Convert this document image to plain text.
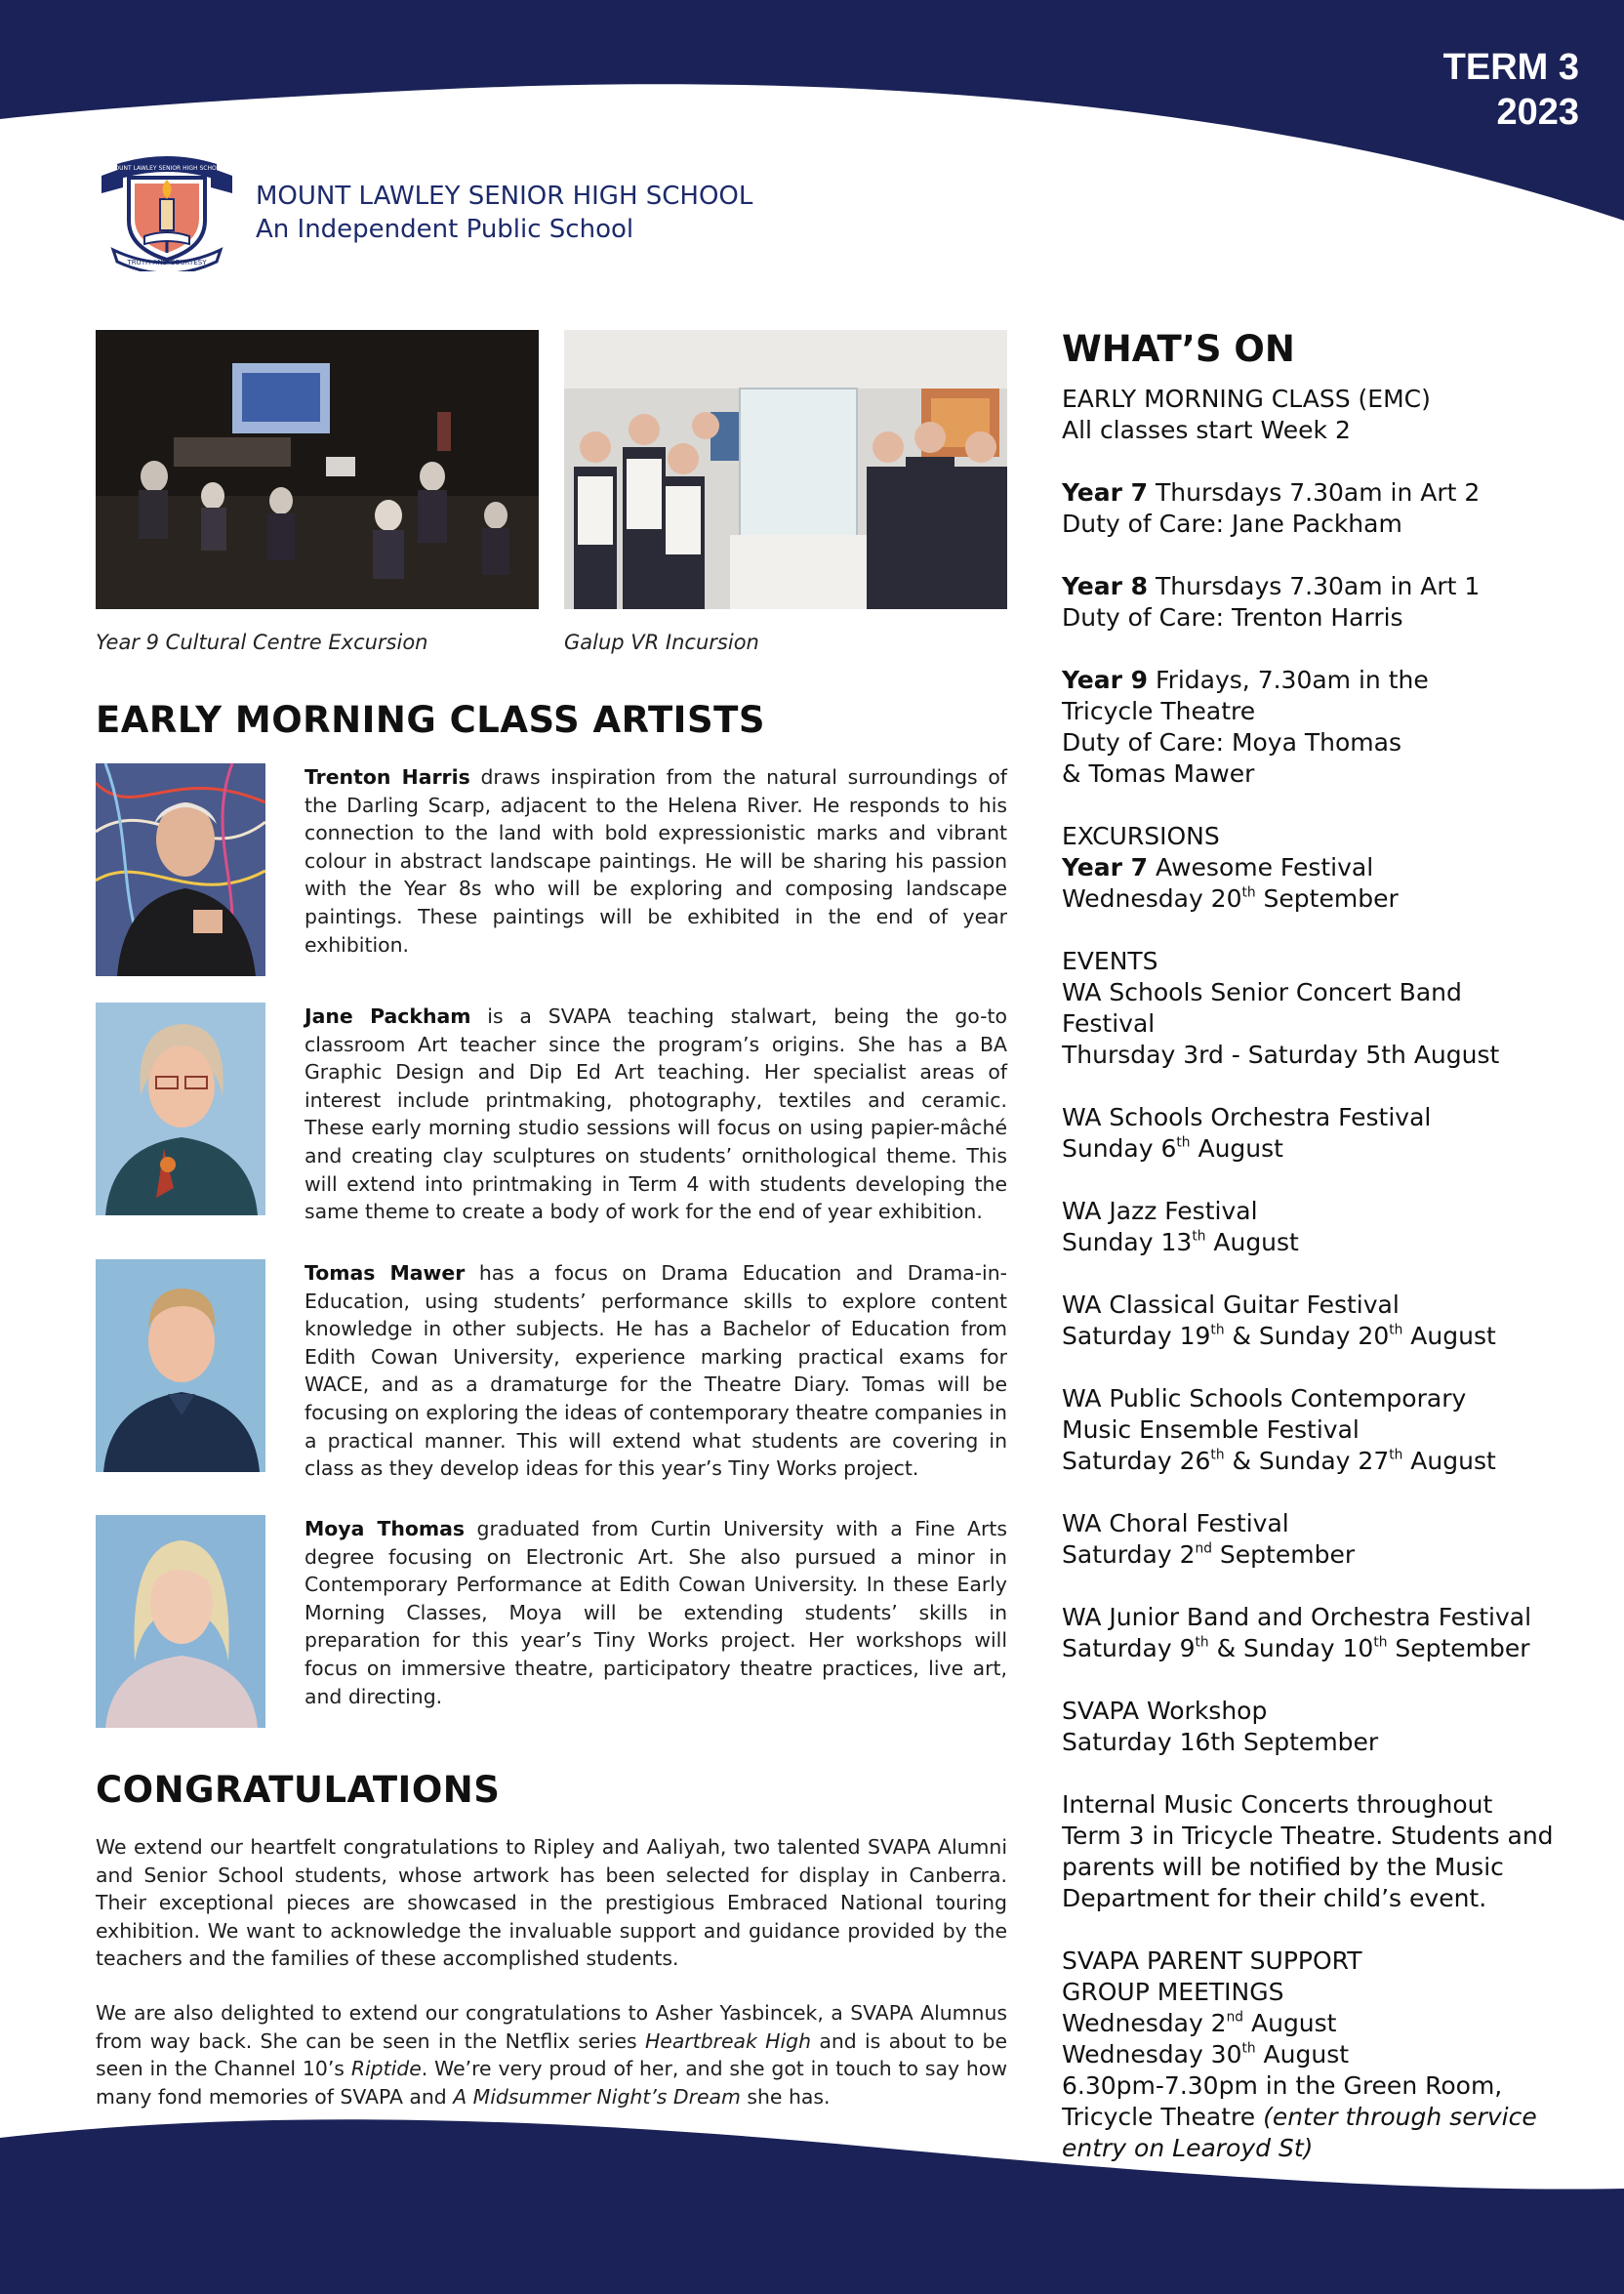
TERM 3
2023
MOUNT LAWLEY SENIOR HIGH SCHOOL
TRUTH AND COURTESY
MOUNT LAWLEY SENIOR HIGH SCHOOL
An Independent Public School
Year 9 Cultural Centre Excursion	Galup VR Incursion
EARLY MORNING CLASS ARTISTS
Trenton Harris draws inspiration from the natural surroundings of the Darling Scarp, adjacent to the Helena River. He responds to his connection to the land with bold expressionistic marks and vibrant colour in abstract landscape paintings. He will be sharing his passion with the Year 8s who will be exploring and composing landscape paintings. These paintings will be exhibited in the end of year exhibition.
Jane Packham is a SVAPA teaching stalwart, being the go-to classroom Art teacher since the program’s origins. She has a BA Graphic Design and Dip Ed Art teaching. Her specialist areas of interest include printmaking, photography, textiles and ceramic. These early morning studio sessions will focus on using papier-mâché and creating clay sculptures on students’ ornithological theme. This will extend into printmaking in Term 4 with students developing the same theme to create a body of work for the end of year exhibition.
Tomas Mawer has a focus on Drama Education and Drama-in-Education, using students’ performance skills to explore content knowledge in other subjects. He has a Bachelor of Education from Edith Cowan University, experience marking practical exams for WACE, and as a dramaturge for the Theatre Diary. Tomas will be focusing on exploring the ideas of contemporary theatre companies in a practical manner. This will extend what students are covering in class as they develop ideas for this year’s Tiny Works project.
Moya Thomas graduated from Curtin University with a Fine Arts degree focusing on Electronic Art. She also pursued a minor in Contemporary Performance at Edith Cowan University. In these Early Morning Classes, Moya will be extending students’ skills in preparation for this year’s Tiny Works project. Her workshops will focus on immersive theatre, participatory theatre practices, live art, and directing.
CONGRATULATIONS
We extend our heartfelt congratulations to Ripley and Aaliyah, two talented SVAPA Alumni and Senior School students, whose artwork has been selected for display in Canberra. Their exceptional pieces are showcased in the prestigious Embraced National touring exhibition. We want to acknowledge the invaluable support and guidance provided by the teachers and the families of these accomplished students.
We are also delighted to extend our congratulations to Asher Yasbincek, a SVAPA Alumnus from way back. She can be seen in the Netflix series Heartbreak High and is about to be seen in the Channel 10’s Riptide. We’re very proud of her, and she got in touch to say how many fond memories of SVAPA and A Midsummer Night’s Dream she has.
WHAT’S ON
EARLY MORNING CLASS (EMC)
All classes start Week 2
Year 7 Thursdays 7.30am in Art 2
Duty of Care: Jane Packham
Year 8 Thursdays 7.30am in Art 1
Duty of Care: Trenton Harris
Year 9 Fridays, 7.30am in the
Tricycle Theatre
Duty of Care: Moya Thomas
& Tomas Mawer
EXCURSIONS
Year 7 Awesome Festival
Wednesday 20th September
EVENTS
WA Schools Senior Concert Band
Festival
Thursday 3rd - Saturday 5th August
WA Schools Orchestra Festival
Sunday 6th August
WA Jazz Festival
Sunday 13th August
WA Classical Guitar Festival
Saturday 19th & Sunday 20th August
WA Public Schools Contemporary
Music Ensemble Festival
Saturday 26th & Sunday 27th August
WA Choral Festival
Saturday 2nd September
WA Junior Band and Orchestra Festival
Saturday 9th & Sunday 10th September
SVAPA Workshop
Saturday 16th September
Internal Music Concerts throughout
Term 3 in Tricycle Theatre. Students and
parents will be notified by the Music
Department for their child’s event.
SVAPA PARENT SUPPORT
GROUP MEETINGS
Wednesday 2nd August
Wednesday 30th August
6.30pm-7.30pm in the Green Room,
Tricycle Theatre (enter through service
entry on Learoyd St)
